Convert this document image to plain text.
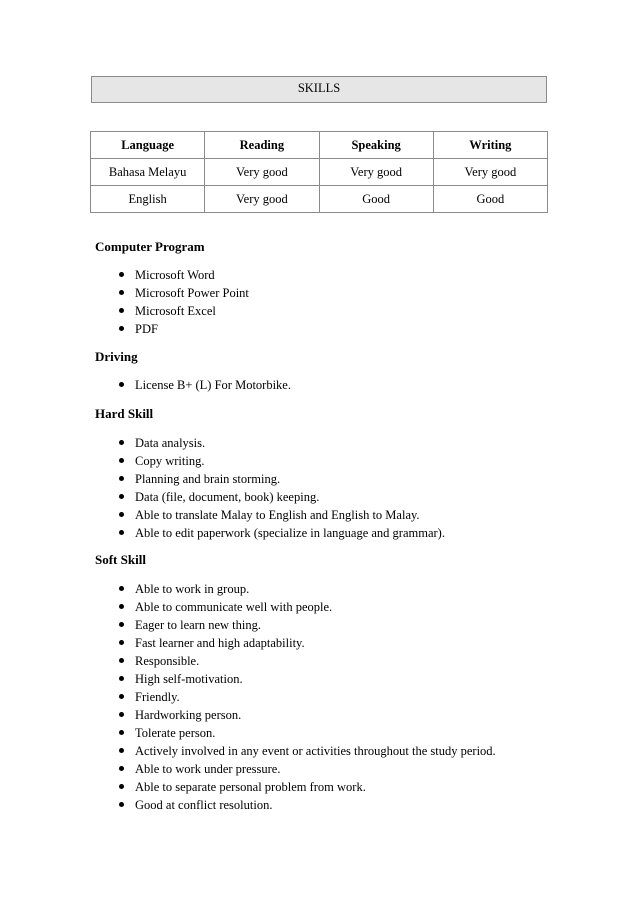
SKILLS
Language	Reading	Speaking	Writing
Bahasa Melayu	Very good	Very good	Very good
English	Very good	Good	Good
Computer Program
Microsoft Word
Microsoft Power Point
Microsoft Excel
PDF
Driving
License B+ (L) For Motorbike.
Hard Skill
Data analysis.
Copy writing.
Planning and brain storming.
Data (file, document, book) keeping.
Able to translate Malay to English and English to Malay.
Able to edit paperwork (specialize in language and grammar).
Soft Skill
Able to work in group.
Able to communicate well with people.
Eager to learn new thing.
Fast learner and high adaptability.
Responsible.
High self-motivation.
Friendly.
Hardworking person.
Tolerate person.
Actively involved in any event or activities throughout the study period.
Able to work under pressure.
Able to separate personal problem from work.
Good at conflict resolution.
